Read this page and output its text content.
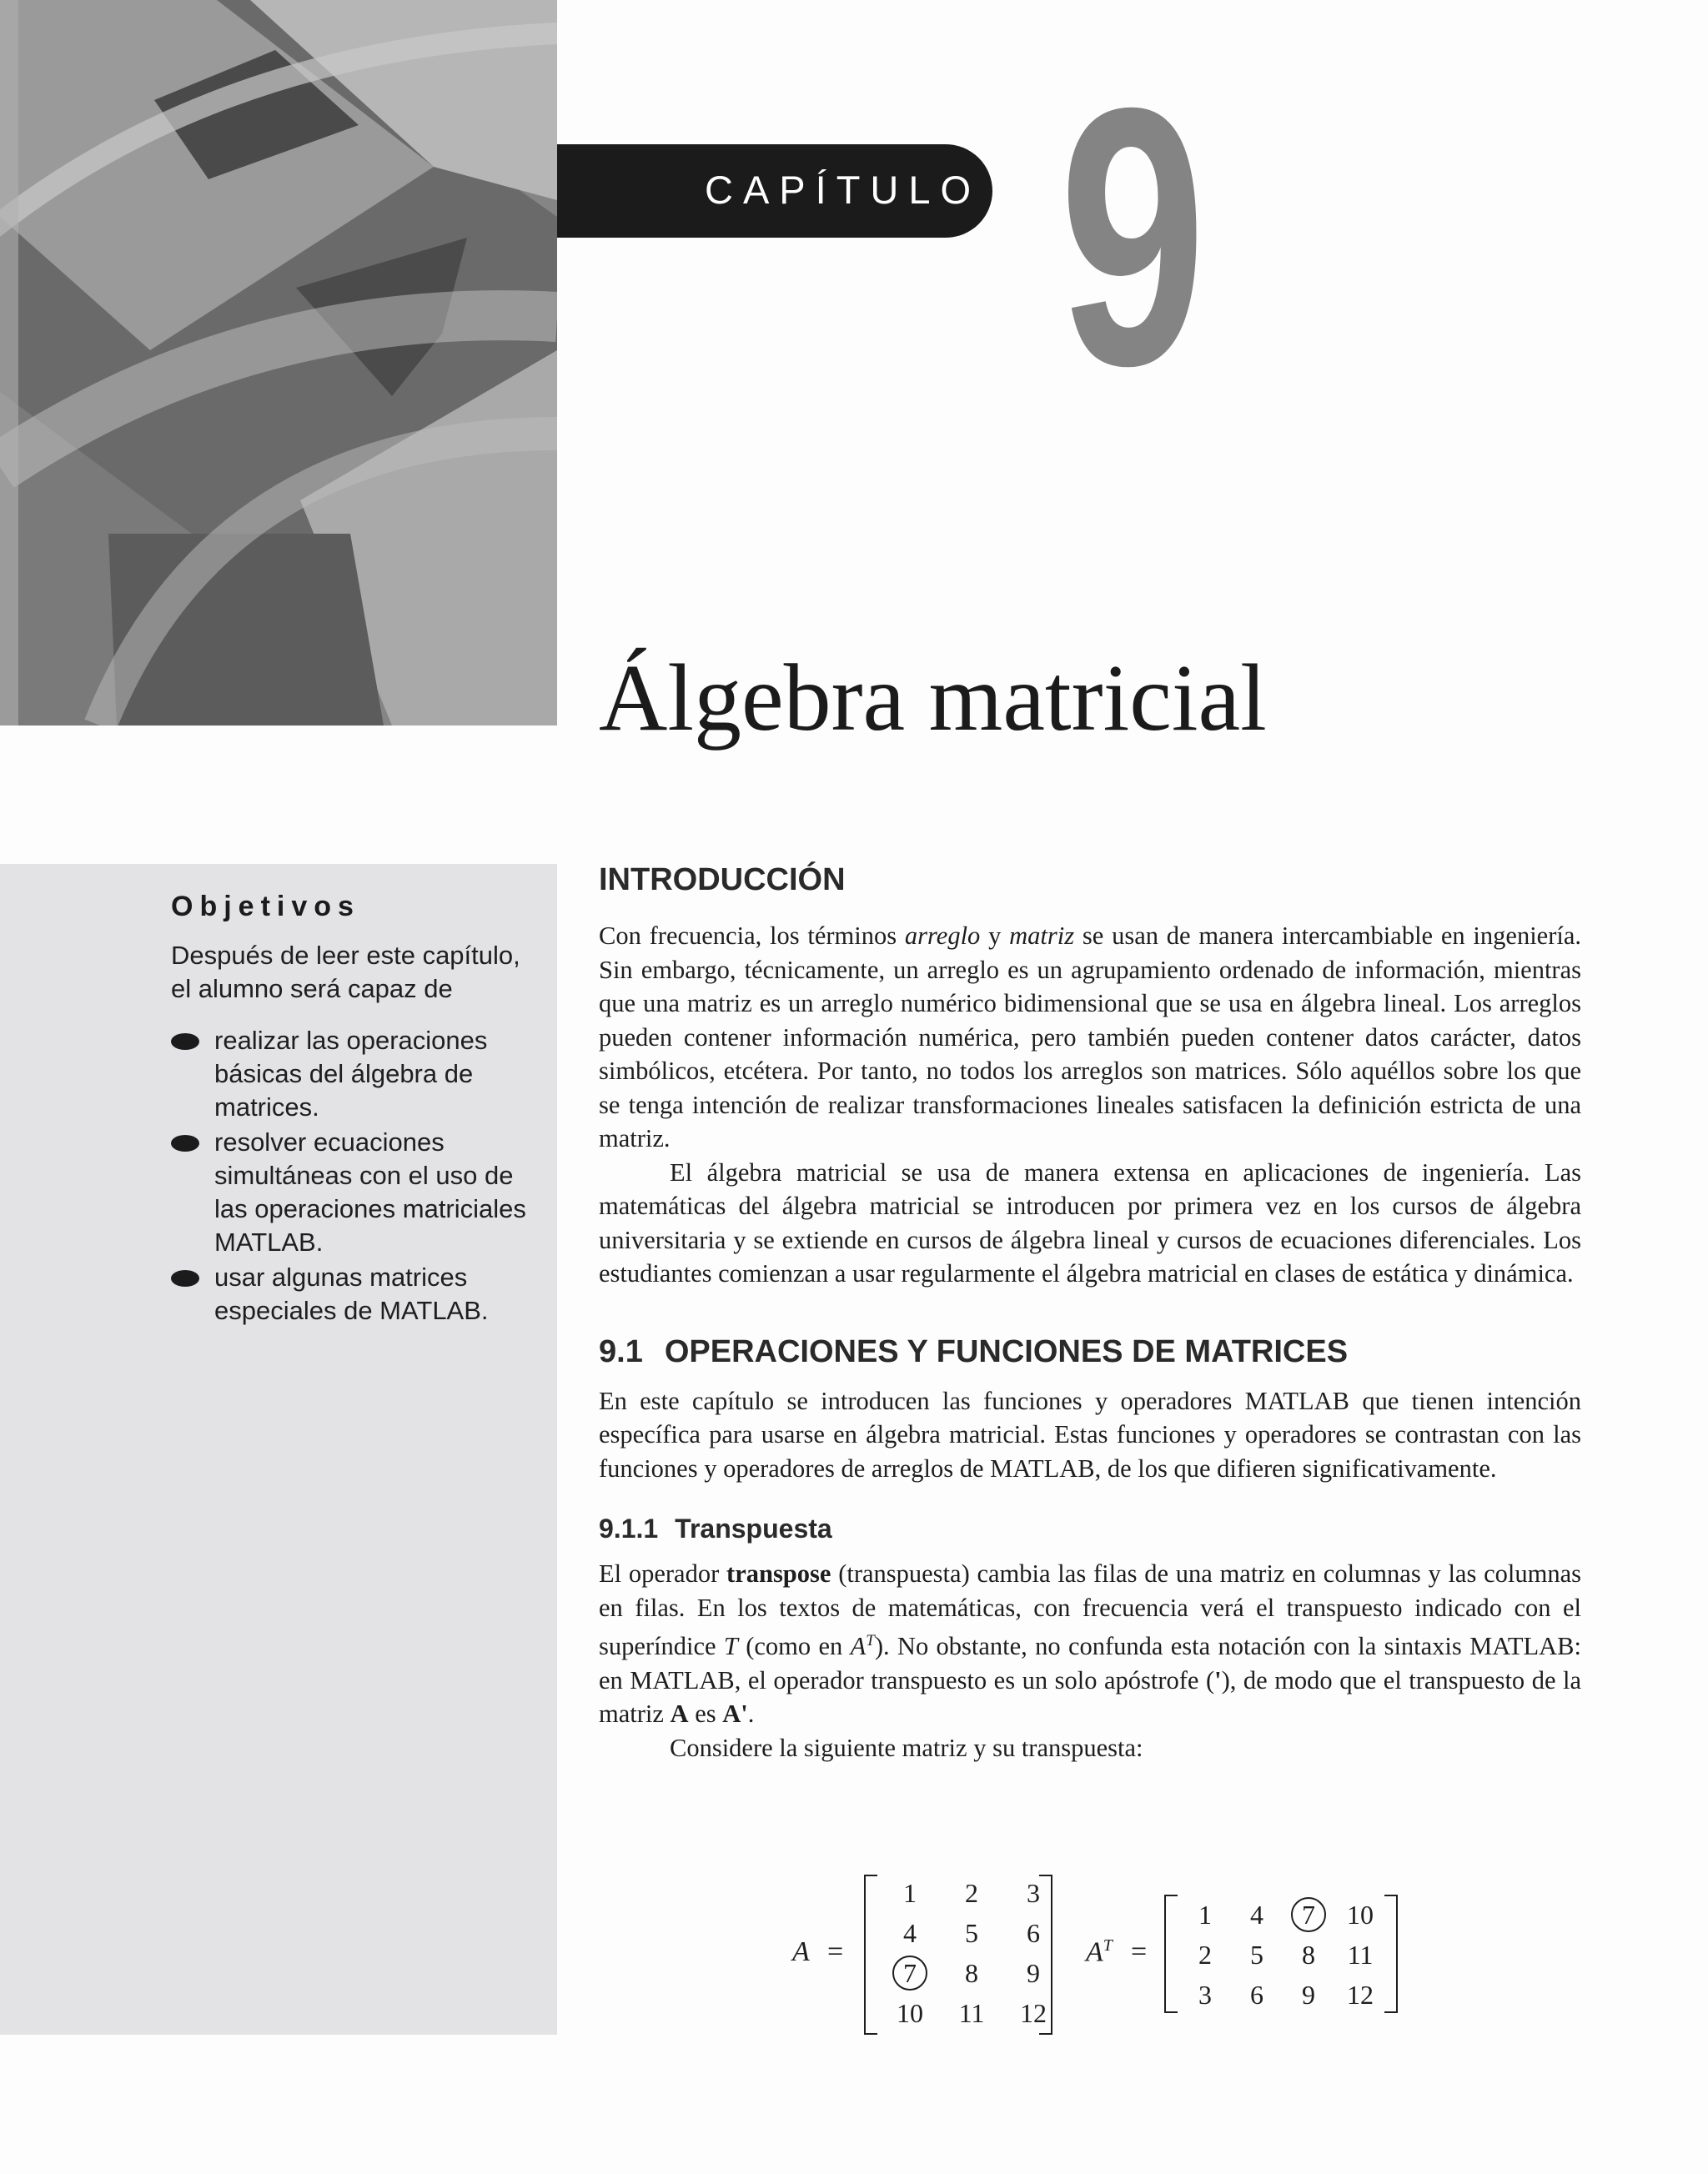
CAPÍTULO 9
Álgebra matricial
Objetivos
Después de leer este capítulo, el alumno será capaz de
realizar las operaciones básicas del álgebra de matrices.
resolver ecuaciones simultáneas con el uso de las operaciones matriciales MATLAB.
usar algunas matrices especiales de MATLAB.
INTRODUCCIÓN

Con frecuencia, los términos arreglo y matriz se usan de manera intercambiable en ingeniería. Sin embargo, técnicamente, un arreglo es un agrupamiento ordenado de información, mientras que una matriz es un arreglo numérico bidimensional que se usa en álgebra lineal. Los arreglos pueden contener información numérica, pero también pueden contener datos carácter, datos simbólicos, etcétera. Por tanto, no todos los arreglos son matrices. Sólo aquéllos sobre los que se tenga intención de realizar transformaciones lineales satisfacen la definición estricta de una matriz.

El álgebra matricial se usa de manera extensa en aplicaciones de ingeniería. Las matemáticas del álgebra matricial se introducen por primera vez en los cursos de álgebra universitaria y se extiende en cursos de álgebra lineal y cursos de ecuaciones diferenciales. Los estudiantes comienzan a usar regularmente el álgebra matricial en clases de estática y dinámica.

9.1 OPERACIONES Y FUNCIONES DE MATRICES

En este capítulo se introducen las funciones y operadores MATLAB que tienen intención específica para usarse en álgebra matricial. Estas funciones y operadores se contrastan con las funciones y operadores de arreglos de MATLAB, de los que difieren significativamente.

9.1.1 Transpuesta

El operador transpose (transpuesta) cambia las filas de una matriz en columnas y las columnas en filas. En los textos de matemáticas, con frecuencia verá el transpuesto indicado con el superíndice T (como en $A^T$). No obstante, no confunda esta notación con la sintaxis MATLAB: en MATLAB, el operador transpuesto es un solo apóstrofe ('), de modo que el transpuesto de la matriz A es A'.

Considere la siguiente matriz y su transpuesta:

A =
1	2	3
4	5	6
7	8	9
10	11	12
$A^T$ =
1	4	7	10
2	5	8	11
3	6	9	12
